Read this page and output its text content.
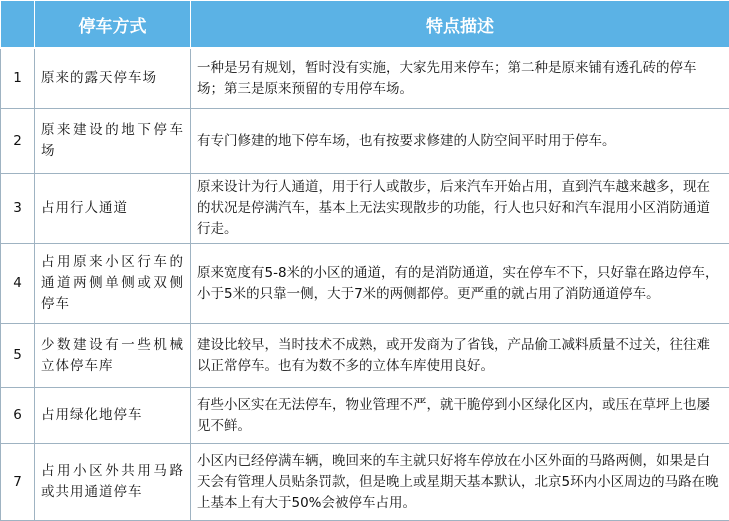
	停车方式	特点描述
1	原来的露天停车场	一种是另有规划，暂时没有实施，大家先用来停车；第二种是原来铺有透孔砖的停车场；第三是原来预留的专用停车场。
2	原来建设的地下停车场	有专门修建的地下停车场，也有按要求修建的人防空间平时用于停车。
3	占用行人通道	原来设计为行人通道，用于行人或散步，后来汽车开始占用，直到汽车越来越多，现在的状况是停满汽车，基本上无法实现散步的功能，行人也只好和汽车混用小区消防通道行走。
4	占用原来小区行车的通道两侧单侧或双侧停车	原来宽度有5-8米的小区的通道，有的是消防通道，实在停车不下，只好靠在路边停车，小于5米的只靠一侧，大于7米的两侧都停。更严重的就占用了消防通道停车。
5	少数建设有一些机械立体停车库	建设比较早，当时技术不成熟，或开发商为了省钱，产品偷工减料质量不过关，往往难以正常停车。也有为数不多的立体车库使用良好。
6	占用绿化地停车	有些小区实在无法停车，物业管理不严，就干脆停到小区绿化区内，或压在草坪上也屡见不鲜。
7	占用小区外共用马路或共用通道停车	小区内已经停满车辆，晚回来的车主就只好将车停放在小区外面的马路两侧，如果是白天会有管理人员贴条罚款，但是晚上或星期天基本默认，北京5环内小区周边的马路在晚上基本上有大于50%会被停车占用。
